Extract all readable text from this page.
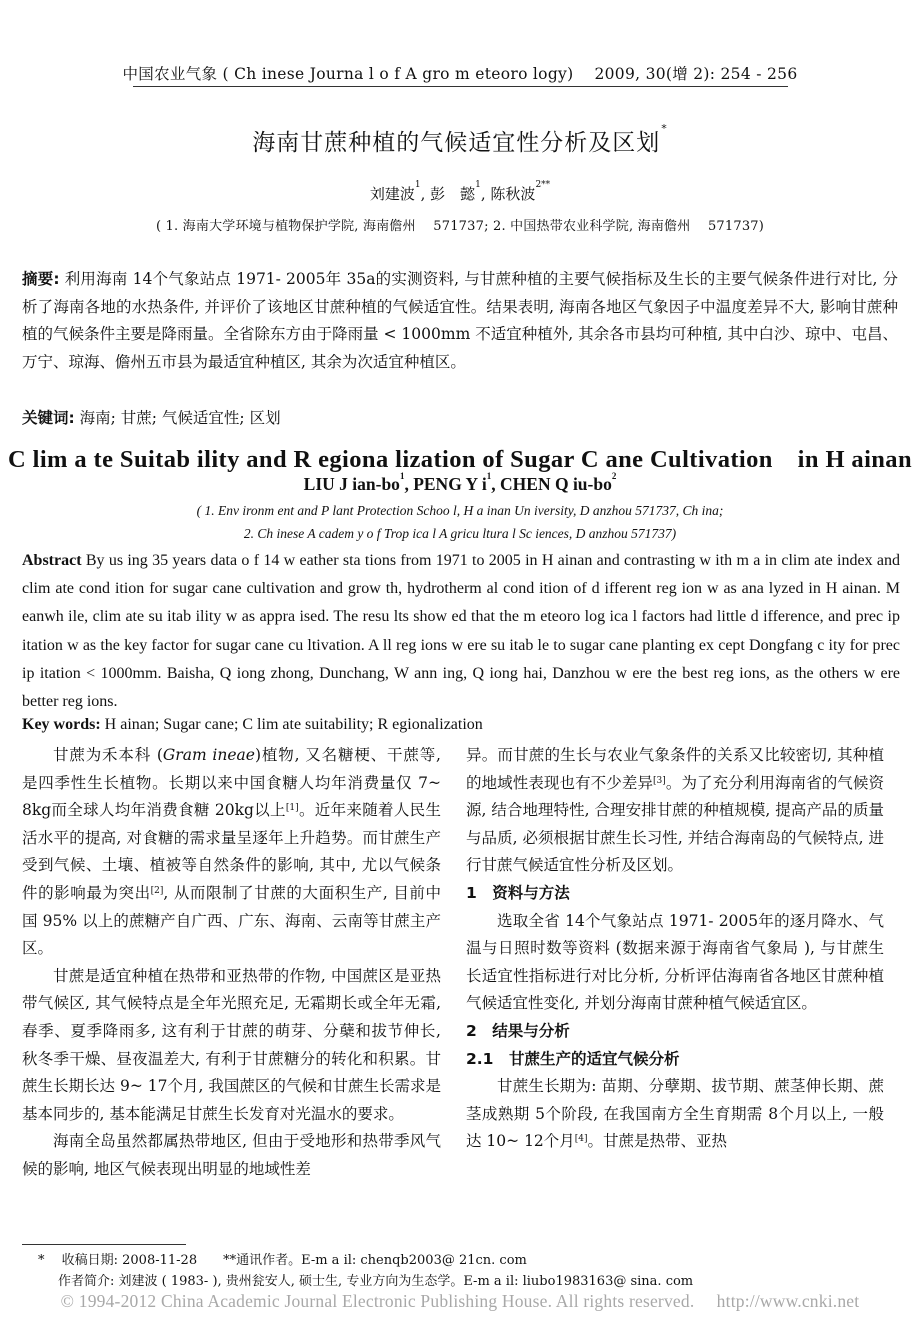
中国农业气象 ( Ch inese Journa l o f A gro m eteoro logy)　 2009, 30(增 2): 254 - 256
海南甘蔗种植的气候适宜性分析及区划*
刘建波$^1$, 彭　懿$^1$, 陈秋波$^{2**}$
( 1. 海南大学环境与植物保护学院, 海南儋州　 571737; 2. 中国热带农业科学院, 海南儋州　 571737)
摘要: 利用海南 14个气象站点 1971- 2005年 35a的实测资料, 与甘蔗种植的主要气候指标及生长的主要气候条件进行对比, 分析了海南各地的水热条件, 并评价了该地区甘蔗种植的气候适宜性。结果表明, 海南各地区气象因子中温度差异不大, 影响甘蔗种植的气候条件主要是降雨量。全省除东方由于降雨量 < 1000mm 不适宜种植外, 其余各市县均可种植, 其中白沙、琼中、屯昌、万宁、琼海、儋州五市县为最适宜种植区, 其余为次适宜种植区。
关键词: 海南; 甘蔗; 气候适宜性; 区划
C lim a te Suitab ility and R egiona lization of Sugar C ane Cultivation　in H ainan
LIU J ian-$bo^1$, PENG Y $i^1$, CHEN Q $iu-bo^2$
( 1. Env ironm ent and P lant Protection Schoo l, H a inan Un iversity, D anzhou 571737, Ch ina;
2. Ch inese A cadem y o f Trop ica l A gricu ltura l Sc iences, D anzhou 571737)
Abstract By us ing 35 years data o f 14 w eather sta tions from 1971 to 2005 in H ainan and contrasting w ith m a in clim ate index and clim ate cond ition for sugar cane cultivation and grow th, hydrotherm al cond ition of d ifferent reg ion w as ana lyzed in H ainan. M eanwh ile, clim ate su itab ility w as appra ised. The resu lts show ed that the m eteoro log ica l factors had little d ifference, and prec ip itation w as the key factor for sugar cane cu ltivation. A ll reg ions w ere su itab le to sugar cane planting ex cept Dongfang c ity for prec ip itation < 1000mm. Baisha, Q iong zhong, Dunchang, W ann ing, Q iong hai, Danzhou w ere the best reg ions, as the others w ere better reg ions.
Key words: H ainan; Sugar cane; C lim ate suitability; R egionalization

甘蔗为禾本科 (Gram ineae)植物, 又名糖梗、干蔗等, 是四季性生长植物。长期以来中国食糖人均年消费量仅 7~ 8kg而全球人均年消费食糖 20kg以上[1]。近年来随着人民生活水平的提高, 对食糖的需求量呈逐年上升趋势。而甘蔗生产受到气候、土壤、植被等自然条件的影响, 其中, 尤以气候条件的影响最为突出[2], 从而限制了甘蔗的大面积生产, 目前中国 95% 以上的蔗糖产自广西、广东、海南、云南等甘蔗主产区。

甘蔗是适宜种植在热带和亚热带的作物, 中国蔗区是亚热带气候区, 其气候特点是全年光照充足, 无霜期长或全年无霜, 春季、夏季降雨多, 这有利于甘蔗的萌芽、分蘖和拔节伸长, 秋冬季干燥、昼夜温差大, 有利于甘蔗糖分的转化和积累。甘蔗生长期长达 9~ 17个月, 我国蔗区的气候和甘蔗生长需求是基本同步的, 基本能满足甘蔗生长发育对光温水的要求。

海南全岛虽然都属热带地区, 但由于受地形和热带季风气候的影响, 地区气候表现出明显的地域性差

异。而甘蔗的生长与农业气象条件的关系又比较密切, 其种植的地域性表现也有不少差异[3]。为了充分利用海南省的气候资源, 结合地理特性, 合理安排甘蔗的种植规模, 提高产品的质量与品质, 必须根据甘蔗生长习性, 并结合海南岛的气候特点, 进行甘蔗气候适宜性分析及区划。

1　资料与方法

选取全省 14个气象站点 1971- 2005年的逐月降水、气温与日照时数等资料 (数据来源于海南省气象局 ), 与甘蔗生长适宜性指标进行对比分析, 分析评估海南省各地区甘蔗种植气候适宜性变化, 并划分海南甘蔗种植气候适宜区。

2　结果与分析

2.1　甘蔗生产的适宜气候分析

甘蔗生长期为: 苗期、分孽期、拔节期、蔗茎伸长期、蔗茎成熟期 5个阶段, 在我国南方全生育期需 8个月以上, 一般达 10~ 12个月[4]。甘蔗是热带、亚热

*　 收稿日期: 2008-11-28　　**通讯作者。E-m a il: chenqb2003@ 21cn. com
作者简介: 刘建波 ( 1983- ), 贵州瓮安人, 硕士生, 专业方向为生态学。E-m a il: liubo1983163@ sina. com
© 1994-2012 China Academic Journal Electronic Publishing House. All rights reserved.　 http://www.cnki.net
